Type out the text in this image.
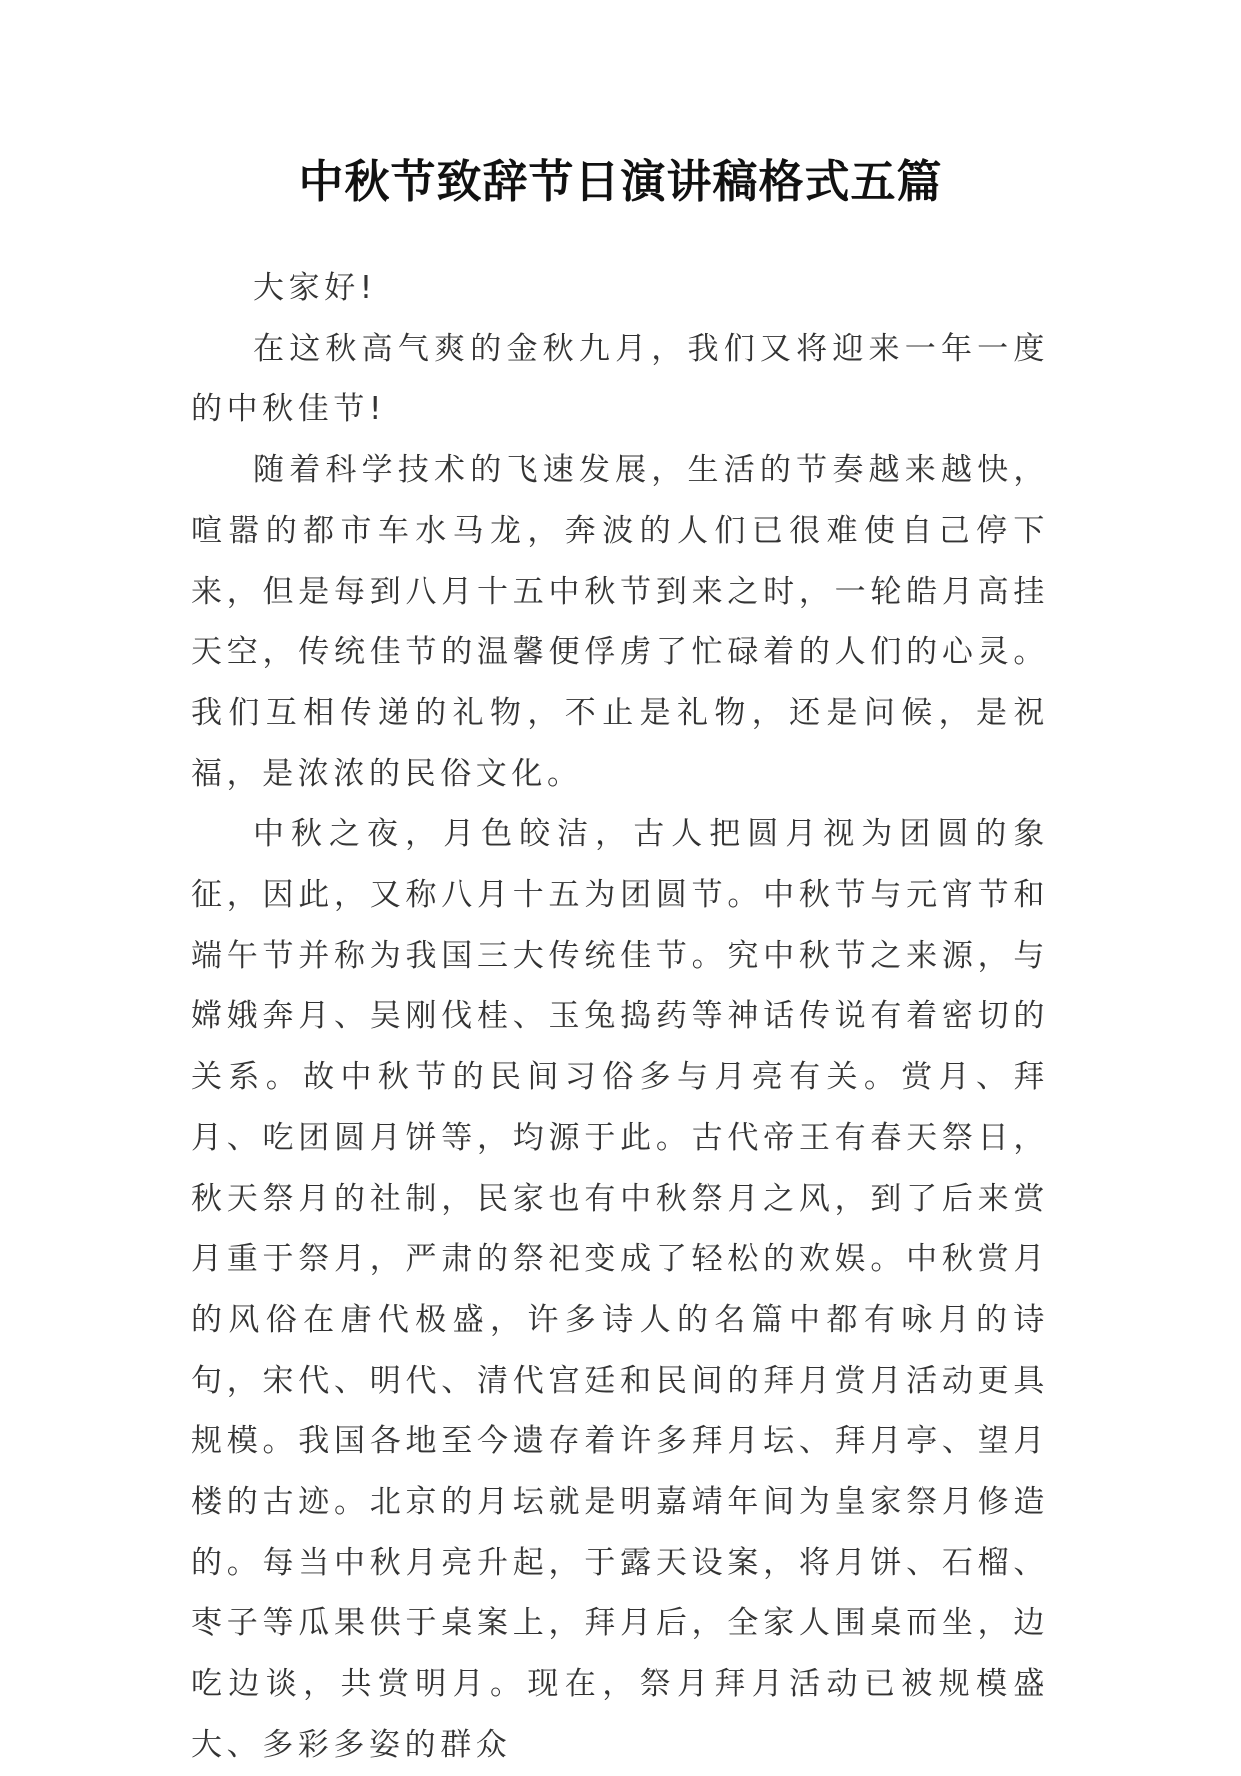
中秋节致辞节日演讲稿格式五篇

大家好!

在这秋高气爽的金秋九月，我们又将迎来一年一度的中秋佳节!

随着科学技术的飞速发展，生活的节奏越来越快，喧嚣的都市车水马龙，奔波的人们已很难使自己停下来，但是每到八月十五中秋节到来之时，一轮皓月高挂天空，传统佳节的温馨便俘虏了忙碌着的人们的心灵。我们互相传递的礼物，不止是礼物，还是问候，是祝福，是浓浓的民俗文化。

中秋之夜，月色皎洁，古人把圆月视为团圆的象征，因此，又称八月十五为团圆节。中秋节与元宵节和端午节并称为我国三大传统佳节。究中秋节之来源，与嫦娥奔月、吴刚伐桂、玉兔捣药等神话传说有着密切的关系。故中秋节的民间习俗多与月亮有关。赏月、拜月、吃团圆月饼等，均源于此。古代帝王有春天祭日，秋天祭月的社制，民家也有中秋祭月之风，到了后来赏月重于祭月，严肃的祭祀变成了轻松的欢娱。中秋赏月的风俗在唐代极盛，许多诗人的名篇中都有咏月的诗句，宋代、明代、清代宫廷和民间的拜月赏月活动更具规模。我国各地至今遗存着许多拜月坛、拜月亭、望月楼的古迹。北京的月坛就是明嘉靖年间为皇家祭月修造的。每当中秋月亮升起，于露天设案，将月饼、石榴、枣子等瓜果供于桌案上，拜月后，全家人围桌而坐，边吃边谈，共赏明月。现在，祭月拜月活动已被规模盛大、多彩多姿的群众
